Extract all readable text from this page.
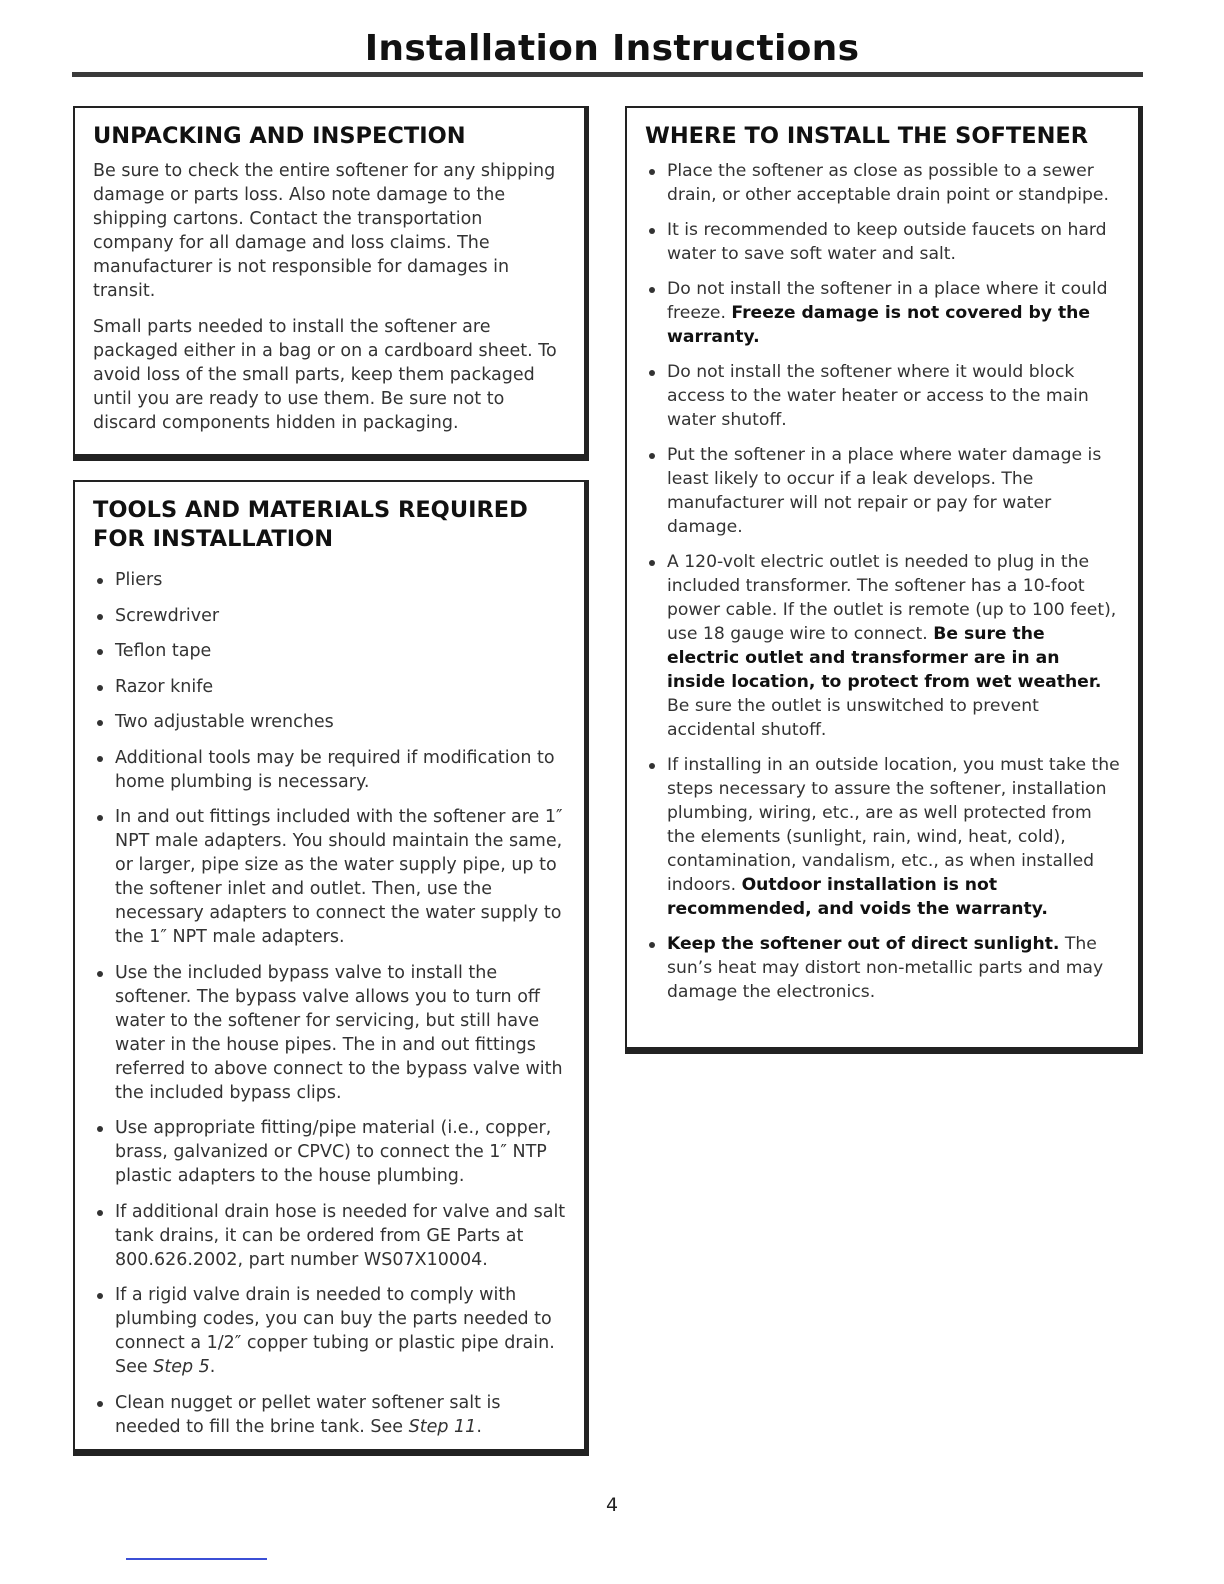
Installation Instructions
UNPACKING AND INSPECTION

Be sure to check the entire softener for any shipping damage or parts loss. Also note damage to the shipping cartons. Contact the transportation company for all damage and loss claims. The manufacturer is not responsible for damages in transit.

Small parts needed to install the softener are packaged either in a bag or on a cardboard sheet. To avoid loss of the small parts, keep them packaged until you are ready to use them. Be sure not to discard components hidden in packaging.

TOOLS AND MATERIALS REQUIRED FOR INSTALLATION
Pliers
Screwdriver
Teflon tape
Razor knife
Two adjustable wrenches
Additional tools may be required if modification to home plumbing is necessary.
In and out fittings included with the softener are 1″ NPT male adapters. You should maintain the same, or larger, pipe size as the water supply pipe, up to the softener inlet and outlet. Then, use the necessary adapters to connect the water supply to the 1″ NPT male adapters.
Use the included bypass valve to install the softener. The bypass valve allows you to turn off water to the softener for servicing, but still have water in the house pipes. The in and out fittings referred to above connect to the bypass valve with the included bypass clips.
Use appropriate fitting/pipe material (i.e., copper, brass, galvanized or CPVC) to connect the 1″ NTP plastic adapters to the house plumbing.
If additional drain hose is needed for valve and salt tank drains, it can be ordered from GE Parts at 800.626.2002, part number WS07X10004.
If a rigid valve drain is needed to comply with plumbing codes, you can buy the parts needed to connect a 1/2″ copper tubing or plastic pipe drain. See Step 5.
Clean nugget or pellet water softener salt is needed to fill the brine tank. See Step 11.
WHERE TO INSTALL THE SOFTENER
Place the softener as close as possible to a sewer drain, or other acceptable drain point or standpipe.
It is recommended to keep outside faucets on hard water to save soft water and salt.
Do not install the softener in a place where it could freeze. Freeze damage is not covered by the warranty.
Do not install the softener where it would block access to the water heater or access to the main water shutoff.
Put the softener in a place where water damage is least likely to occur if a leak develops. The manufacturer will not repair or pay for water damage.
A 120-volt electric outlet is needed to plug in the included transformer. The softener has a 10-foot power cable. If the outlet is remote (up to 100 feet), use 18 gauge wire to connect. Be sure the electric outlet and transformer are in an inside location, to protect from wet weather. Be sure the outlet is unswitched to prevent accidental shutoff.
If installing in an outside location, you must take the steps necessary to assure the softener, installation plumbing, wiring, etc., are as well protected from the elements (sunlight, rain, wind, heat, cold), contamination, vandalism, etc., as when installed indoors. Outdoor installation is not recommended, and voids the warranty.
Keep the softener out of direct sunlight. The sun’s heat may distort non-metallic parts and may damage the electronics.
4
